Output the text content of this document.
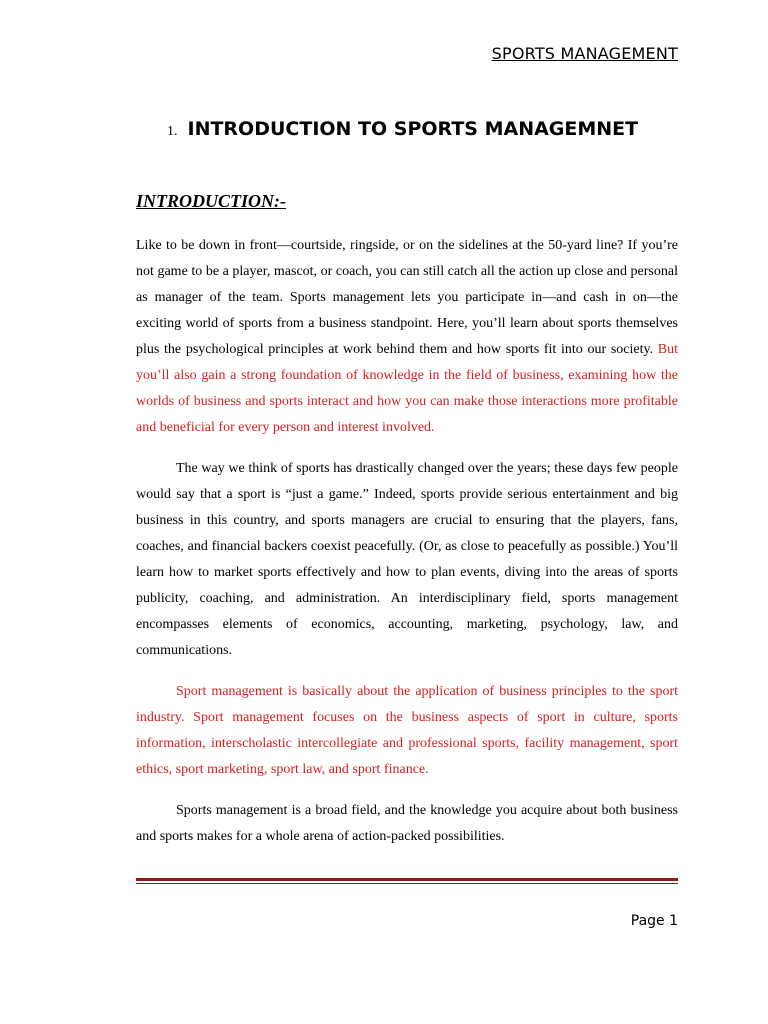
SPORTS MANAGEMENT
1. INTRODUCTION TO SPORTS MANAGEMNET
INTRODUCTION:-

Like to be down in front—courtside, ringside, or on the sidelines at the 50-yard line? If you’re not game to be a player, mascot, or coach, you can still catch all the action up close and personal as manager of the team. Sports management lets you participate in—and cash in on—the exciting world of sports from a business standpoint. Here, you’ll learn about sports themselves plus the psychological principles at work behind them and how sports fit into our society. But you’ll also gain a strong foundation of knowledge in the field of business, examining how the worlds of business and sports interact and how you can make those interactions more profitable and beneficial for every person and interest involved.

The way we think of sports has drastically changed over the years; these days few people would say that a sport is “just a game.” Indeed, sports provide serious entertainment and big business in this country, and sports managers are crucial to ensuring that the players, fans, coaches, and financial backers coexist peacefully. (Or, as close to peacefully as possible.) You’ll learn how to market sports effectively and how to plan events, diving into the areas of sports publicity, coaching, and administration. An interdisciplinary field, sports management encompasses elements of economics, accounting, marketing, psychology, law, and communications.

Sport management is basically about the application of business principles to the sport industry. Sport management focuses on the business aspects of sport in culture, sports information, interscholastic intercollegiate and professional sports, facility management, sport ethics, sport marketing, sport law, and sport finance.

Sports management is a broad field, and the knowledge you acquire about both business and sports makes for a whole arena of action-packed possibilities.

Page 1
